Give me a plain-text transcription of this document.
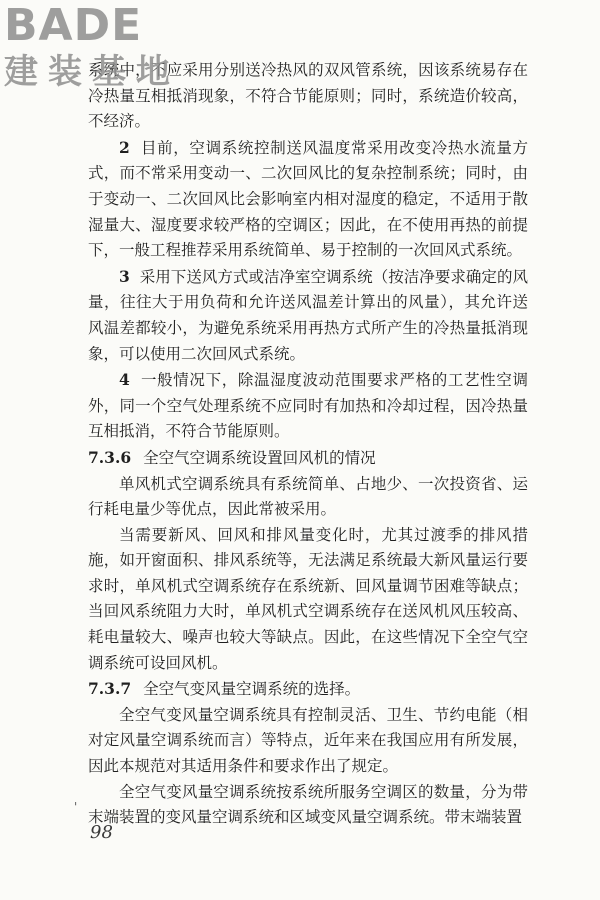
BADE
建装基地

系统中，不应采用分别送冷热风的双风管系统，因该系统易存在冷热量互相抵消现象，不符合节能原则；同时，系统造价较高，不经济。

2 目前，空调系统控制送风温度常采用改变冷热水流量方式，而不常采用变动一、二次回风比的复杂控制系统；同时，由于变动一、二次回风比会影响室内相对湿度的稳定，不适用于散湿量大、湿度要求较严格的空调区；因此，在不使用再热的前提下，一般工程推荐采用系统简单、易于控制的一次回风式系统。

3 采用下送风方式或洁净室空调系统（按洁净要求确定的风量，往往大于用负荷和允许送风温差计算出的风量），其允许送风温差都较小，为避免系统采用再热方式所产生的冷热量抵消现象，可以使用二次回风式系统。

4 一般情况下，除温湿度波动范围要求严格的工艺性空调外，同一个空气处理系统不应同时有加热和冷却过程，因冷热量互相抵消，不符合节能原则。

7.3.6 全空气空调系统设置回风机的情况

单风机式空调系统具有系统简单、占地少、一次投资省、运行耗电量少等优点，因此常被采用。

当需要新风、回风和排风量变化时，尤其过渡季的排风措施，如开窗面积、排风系统等，无法满足系统最大新风量运行要求时，单风机式空调系统存在系统新、回风量调节困难等缺点；当回风系统阻力大时，单风机式空调系统存在送风机风压较高、耗电量较大、噪声也较大等缺点。因此，在这些情况下全空气空调系统可设回风机。

7.3.7 全空气变风量空调系统的选择。

全空气变风量空调系统具有控制灵活、卫生、节约电能（相对定风量空调系统而言）等特点，近年来在我国应用有所发展，因此本规范对其适用条件和要求作出了规定。

全空气变风量空调系统按系统所服务空调区的数量，分为带末端装置的变风量空调系统和区域变风量空调系统。带末端装置

'
98
